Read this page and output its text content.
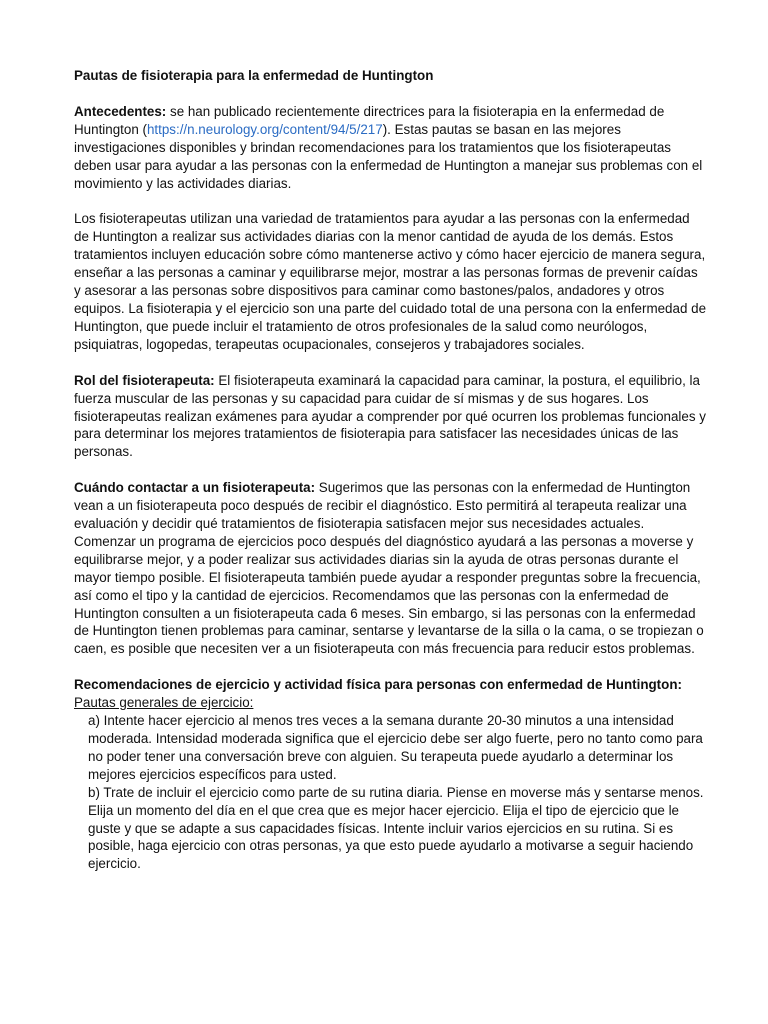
Pautas de fisioterapia para la enfermedad de Huntington

Antecedentes: se han publicado recientemente directrices para la fisioterapia en la enfermedad de Huntington (https://n.neurology.org/content/94/5/217). Estas pautas se basan en las mejores investigaciones disponibles y brindan recomendaciones para los tratamientos que los fisioterapeutas deben usar para ayudar a las personas con la enfermedad de Huntington a manejar sus problemas con el movimiento y las actividades diarias.

Los fisioterapeutas utilizan una variedad de tratamientos para ayudar a las personas con la enfermedad de Huntington a realizar sus actividades diarias con la menor cantidad de ayuda de los demás. Estos tratamientos incluyen educación sobre cómo mantenerse activo y cómo hacer ejercicio de manera segura, enseñar a las personas a caminar y equilibrarse mejor, mostrar a las personas formas de prevenir caídas y asesorar a las personas sobre dispositivos para caminar como bastones/palos, andadores y otros equipos. La fisioterapia y el ejercicio son una parte del cuidado total de una persona con la enfermedad de Huntington, que puede incluir el tratamiento de otros profesionales de la salud como neurólogos, psiquiatras, logopedas, terapeutas ocupacionales, consejeros y trabajadores sociales.

Rol del fisioterapeuta: El fisioterapeuta examinará la capacidad para caminar, la postura, el equilibrio, la fuerza muscular de las personas y su capacidad para cuidar de sí mismas y de sus hogares. Los fisioterapeutas realizan exámenes para ayudar a comprender por qué ocurren los problemas funcionales y para determinar los mejores tratamientos de fisioterapia para satisfacer las necesidades únicas de las personas.

Cuándo contactar a un fisioterapeuta: Sugerimos que las personas con la enfermedad de Huntington vean a un fisioterapeuta poco después de recibir el diagnóstico. Esto permitirá al terapeuta realizar una evaluación y decidir qué tratamientos de fisioterapia satisfacen mejor sus necesidades actuales. Comenzar un programa de ejercicios poco después del diagnóstico ayudará a las personas a moverse y equilibrarse mejor, y a poder realizar sus actividades diarias sin la ayuda de otras personas durante el mayor tiempo posible. El fisioterapeuta también puede ayudar a responder preguntas sobre la frecuencia, así como el tipo y la cantidad de ejercicios. Recomendamos que las personas con la enfermedad de Huntington consulten a un fisioterapeuta cada 6 meses. Sin embargo, si las personas con la enfermedad de Huntington tienen problemas para caminar, sentarse y levantarse de la silla o la cama, o se tropiezan o caen, es posible que necesiten ver a un fisioterapeuta con más frecuencia para reducir estos problemas.

Recomendaciones de ejercicio y actividad física para personas con enfermedad de Huntington:

Pautas generales de ejercicio:

a) Intente hacer ejercicio al menos tres veces a la semana durante 20-30 minutos a una intensidad moderada. Intensidad moderada significa que el ejercicio debe ser algo fuerte, pero no tanto como para no poder tener una conversación breve con alguien. Su terapeuta puede ayudarlo a determinar los mejores ejercicios específicos para usted.

b) Trate de incluir el ejercicio como parte de su rutina diaria. Piense en moverse más y sentarse menos. Elija un momento del día en el que crea que es mejor hacer ejercicio. Elija el tipo de ejercicio que le guste y que se adapte a sus capacidades físicas. Intente incluir varios ejercicios en su rutina. Si es posible, haga ejercicio con otras personas, ya que esto puede ayudarlo a motivarse a seguir haciendo ejercicio.
